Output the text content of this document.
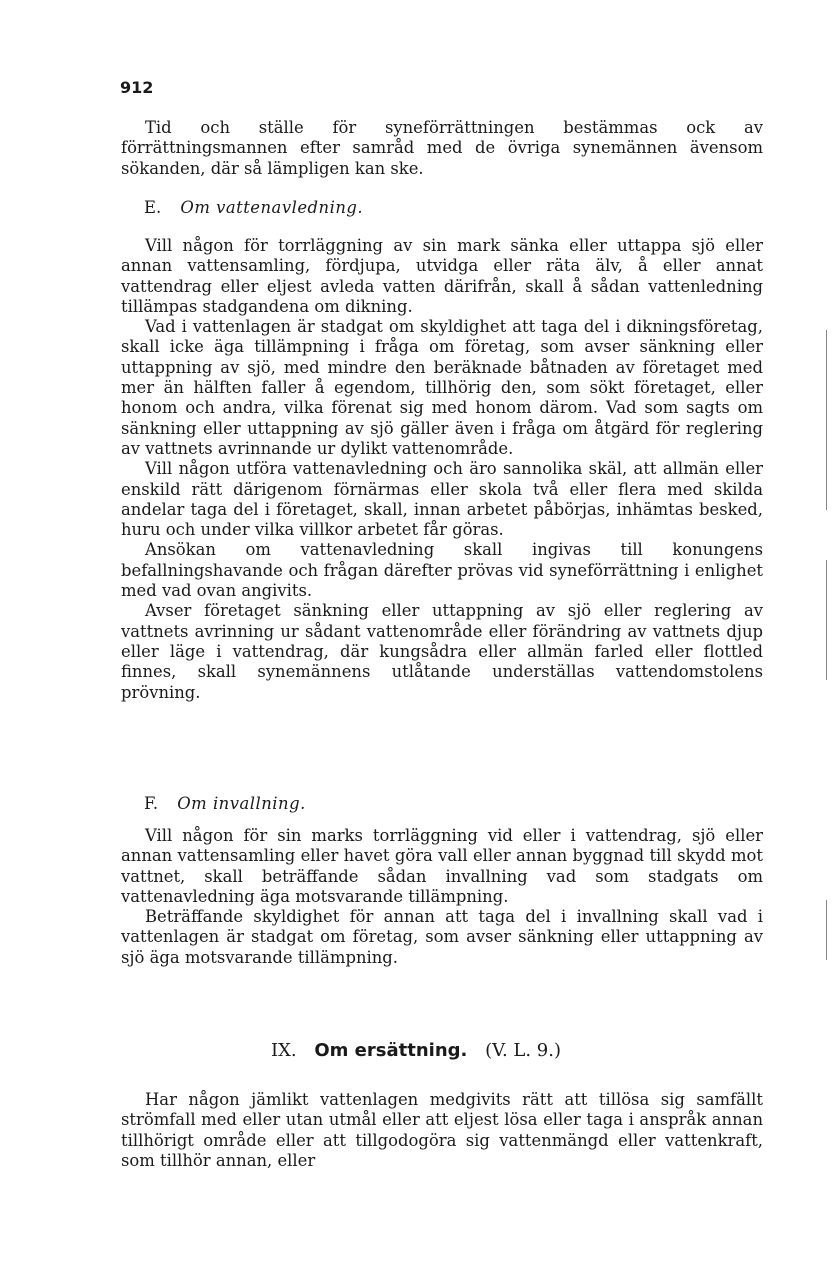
912

Tid och ställe för syneförrättningen bestämmas ock av förrättningsmannen efter samråd med de övriga synemännen ävensom sökanden, där så lämpligen kan ske.

E. Om vattenavledning.

Vill någon för torrläggning av sin mark sänka eller uttappa sjö eller annan vattensamling, fördjupa, utvidga eller räta älv, å eller annat vattendrag eller eljest avleda vatten därifrån, skall å sådan vattenledning tillämpas stadgandena om dikning.

Vad i vattenlagen är stadgat om skyldighet att taga del i dikningsföretag, skall icke äga tillämpning i fråga om företag, som avser sänkning eller uttappning av sjö, med mindre den beräknade båtnaden av företaget med mer än hälften faller å egendom, tillhörig den, som sökt företaget, eller honom och andra, vilka förenat sig med honom därom. Vad som sagts om sänkning eller uttappning av sjö gäller även i fråga om åtgärd för reglering av vattnets avrinnande ur dylikt vattenområde.

Vill någon utföra vattenavledning och äro sannolika skäl, att allmän eller enskild rätt därigenom förnärmas eller skola två eller flera med skilda andelar taga del i företaget, skall, innan arbetet påbörjas, inhämtas besked, huru och under vilka villkor arbetet får göras.

Ansökan om vattenavledning skall ingivas till konungens befallningshavande och frågan därefter prövas vid syneförrättning i enlighet med vad ovan angivits.

Avser företaget sänkning eller uttappning av sjö eller reglering av vattnets avrinning ur sådant vattenområde eller förändring av vattnets djup eller läge i vattendrag, där kungsådra eller allmän farled eller flottled finnes, skall synemännens utlåtande underställas vattendomstolens prövning.

F. Om invallning.

Vill någon för sin marks torrläggning vid eller i vattendrag, sjö eller annan vattensamling eller havet göra vall eller annan byggnad till skydd mot vattnet, skall beträffande sådan invallning vad som stadgats om vattenavledning äga motsvarande tillämpning.

Beträffande skyldighet för annan att taga del i invallning skall vad i vattenlagen är stadgat om företag, som avser sänkning eller uttappning av sjö äga motsvarande tillämpning.

IX. Om ersättning. (V. L. 9.)

Har någon jämlikt vattenlagen medgivits rätt att tillösa sig samfällt strömfall med eller utan utmål eller att eljest lösa eller taga i anspråk annan tillhörigt område eller att tillgodogöra sig vattenmängd eller vattenkraft, som tillhör annan, eller
